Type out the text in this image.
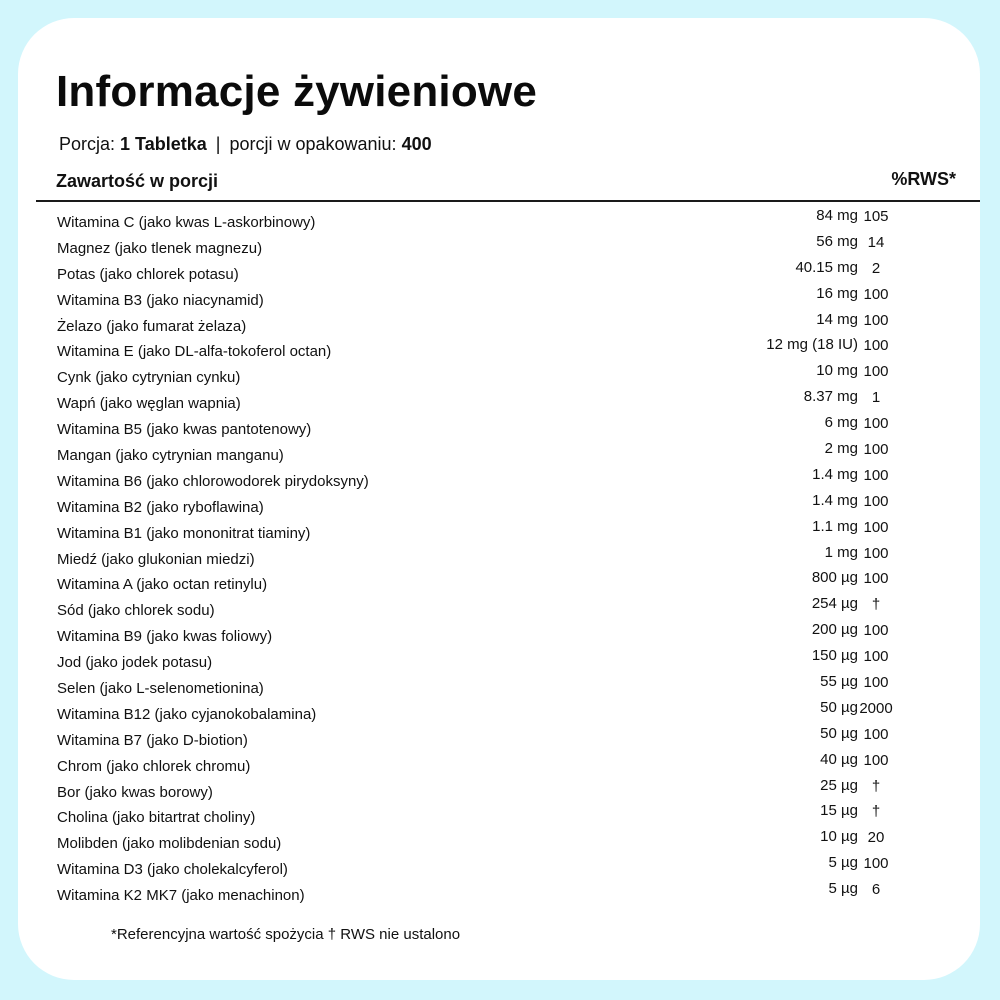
Informacje żywieniowe
Porcja: 1 Tabletka | porcji w opakowaniu: 400
Zawartość w porcji	%RWS*
Witamina C (jako kwas L-askorbinowy)	84 mg 105
Magnez (jako tlenek magnezu)	56 mg 14
Potas (jako chlorek potasu)	40.15 mg 2
Witamina B3 (jako niacynamid)	16 mg 100
Żelazo (jako fumarat żelaza)	14 mg 100
Witamina E (jako DL-alfa-tokoferol octan)	12 mg (18 IU) 100
Cynk (jako cytrynian cynku)	10 mg 100
Wapń (jako węglan wapnia)	8.37 mg 1
Witamina B5 (jako kwas pantotenowy)	6 mg 100
Mangan (jako cytrynian manganu)	2 mg 100
Witamina B6 (jako chlorowodorek pirydoksyny)	1.4 mg 100
Witamina B2 (jako ryboflawina)	1.4 mg 100
Witamina B1 (jako mononitrat tiaminy)	1.1 mg 100
Miedź (jako glukonian miedzi)	1 mg 100
Witamina A (jako octan retinylu)	800 µg 100
Sód (jako chlorek sodu)	254 µg †
Witamina B9 (jako kwas foliowy)	200 µg 100
Jod (jako jodek potasu)	150 µg 100
Selen (jako L-selenometionina)	55 µg 100
Witamina B12 (jako cyjanokobalamina)	50 µg 2000
Witamina B7 (jako D-biotion)	50 µg 100
Chrom (jako chlorek chromu)	40 µg 100
Bor (jako kwas borowy)	25 µg †
Cholina (jako bitartrat choliny)	15 µg †
Molibden (jako molibdenian sodu)	10 µg 20
Witamina D3 (jako cholekalcyferol)	5 µg 100
Witamina K2 MK7 (jako menachinon)	5 µg 6
*Referencyjna wartość spożycia † RWS nie ustalono
